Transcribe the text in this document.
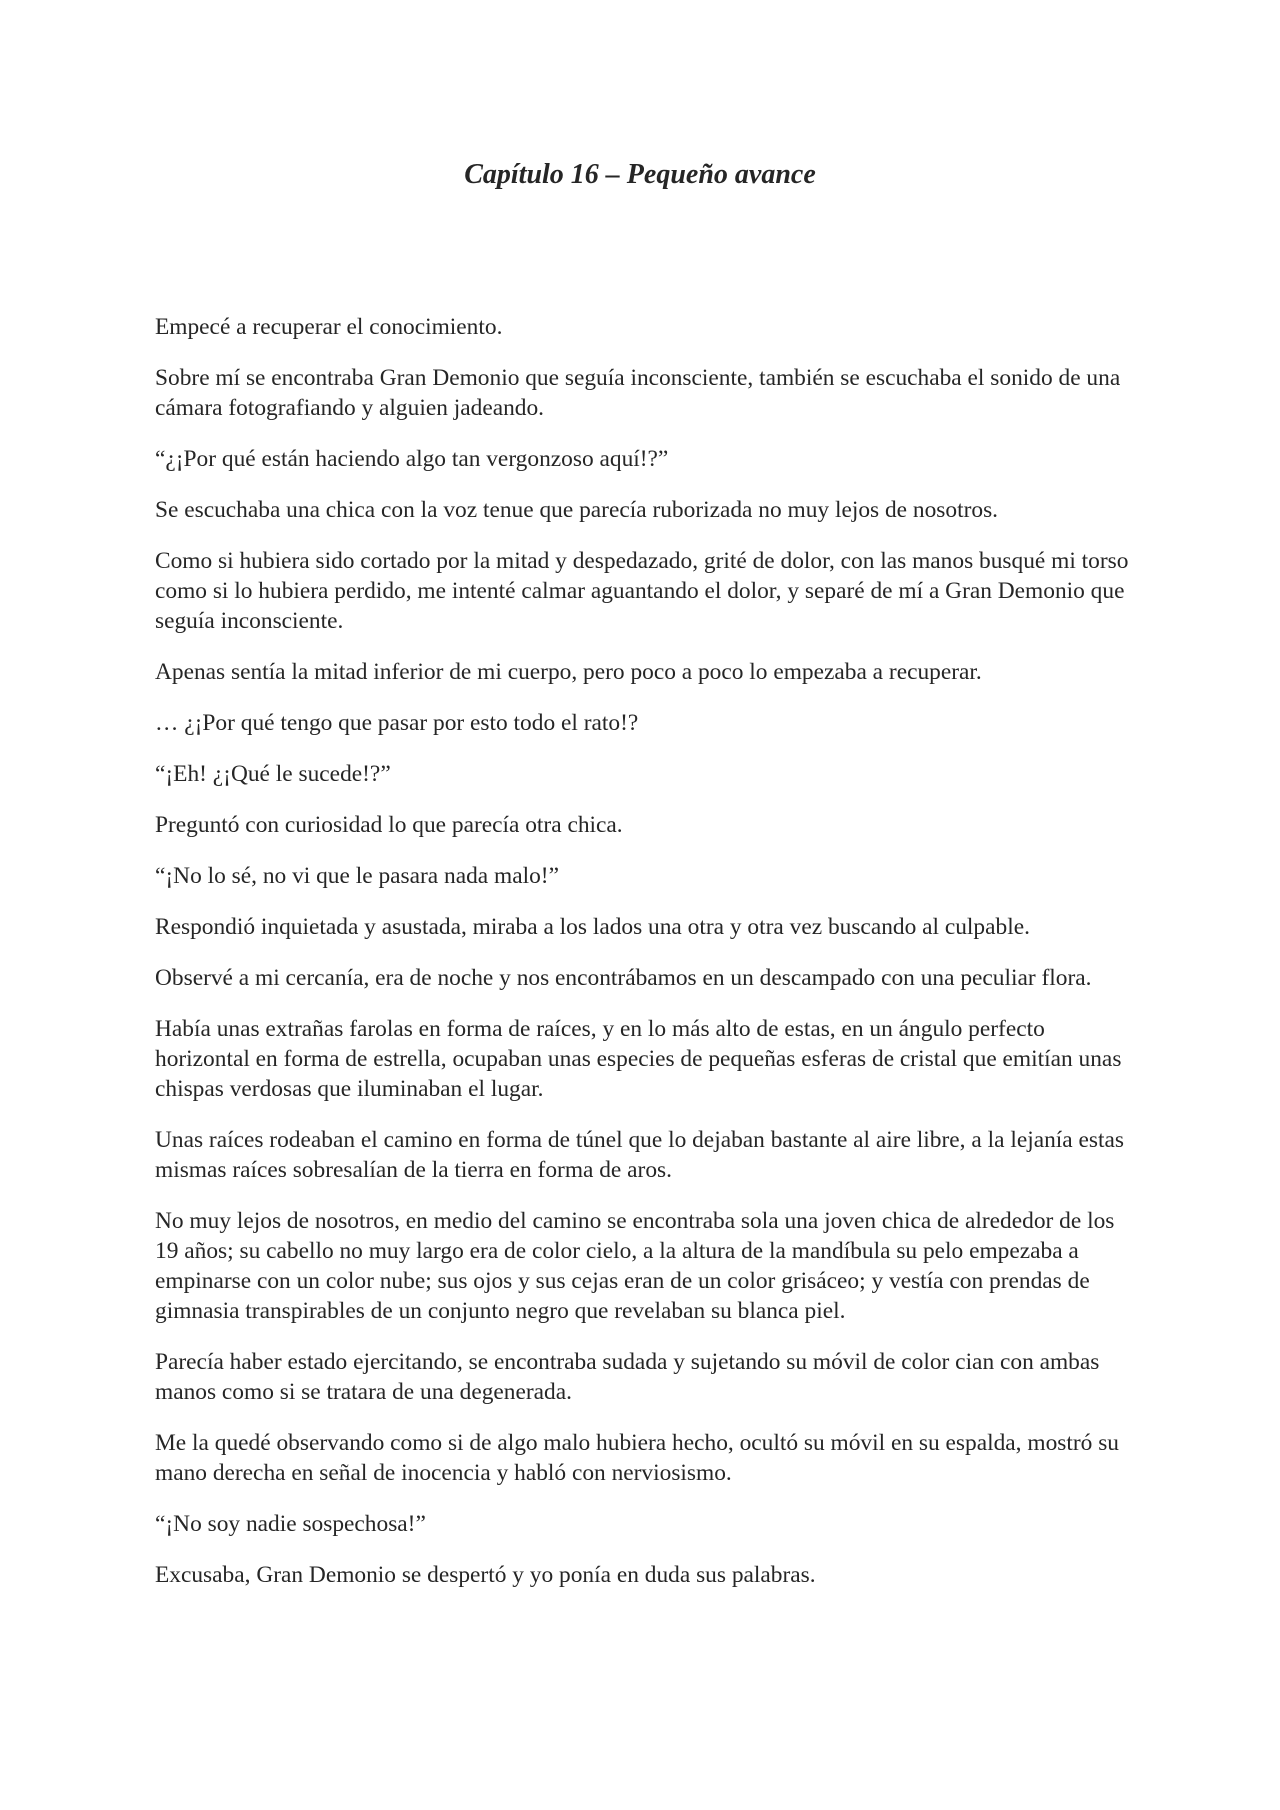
Capítulo 16 – Pequeño avance

Empecé a recuperar el conocimiento.

Sobre mí se encontraba Gran Demonio que seguía inconsciente, también se escuchaba el sonido de una cámara fotografiando y alguien jadeando.

“¿¡Por qué están haciendo algo tan vergonzoso aquí!?”

Se escuchaba una chica con la voz tenue que parecía ruborizada no muy lejos de nosotros.

Como si hubiera sido cortado por la mitad y despedazado, grité de dolor, con las manos busqué mi torso como si lo hubiera perdido, me intenté calmar aguantando el dolor, y separé de mí a Gran Demonio que seguía inconsciente.

Apenas sentía la mitad inferior de mi cuerpo, pero poco a poco lo empezaba a recuperar.

… ¿¡Por qué tengo que pasar por esto todo el rato!?

“¡Eh! ¿¡Qué le sucede!?”

Preguntó con curiosidad lo que parecía otra chica.

“¡No lo sé, no vi que le pasara nada malo!”

Respondió inquietada y asustada, miraba a los lados una otra y otra vez buscando al culpable.

Observé a mi cercanía, era de noche y nos encontrábamos en un descampado con una peculiar flora.

Había unas extrañas farolas en forma de raíces, y en lo más alto de estas, en un ángulo perfecto horizontal en forma de estrella, ocupaban unas especies de pequeñas esferas de cristal que emitían unas chispas verdosas que iluminaban el lugar.

Unas raíces rodeaban el camino en forma de túnel que lo dejaban bastante al aire libre, a la lejanía estas mismas raíces sobresalían de la tierra en forma de aros.

No muy lejos de nosotros, en medio del camino se encontraba sola una joven chica de alrededor de los 19 años; su cabello no muy largo era de color cielo, a la altura de la mandíbula su pelo empezaba a empinarse con un color nube; sus ojos y sus cejas eran de un color grisáceo; y vestía con prendas de gimnasia transpirables de un conjunto negro que revelaban su blanca piel.

Parecía haber estado ejercitando, se encontraba sudada y sujetando su móvil de color cian con ambas manos como si se tratara de una degenerada.

Me la quedé observando como si de algo malo hubiera hecho, ocultó su móvil en su espalda, mostró su mano derecha en señal de inocencia y habló con nerviosismo.

“¡No soy nadie sospechosa!”

Excusaba, Gran Demonio se despertó y yo ponía en duda sus palabras.
